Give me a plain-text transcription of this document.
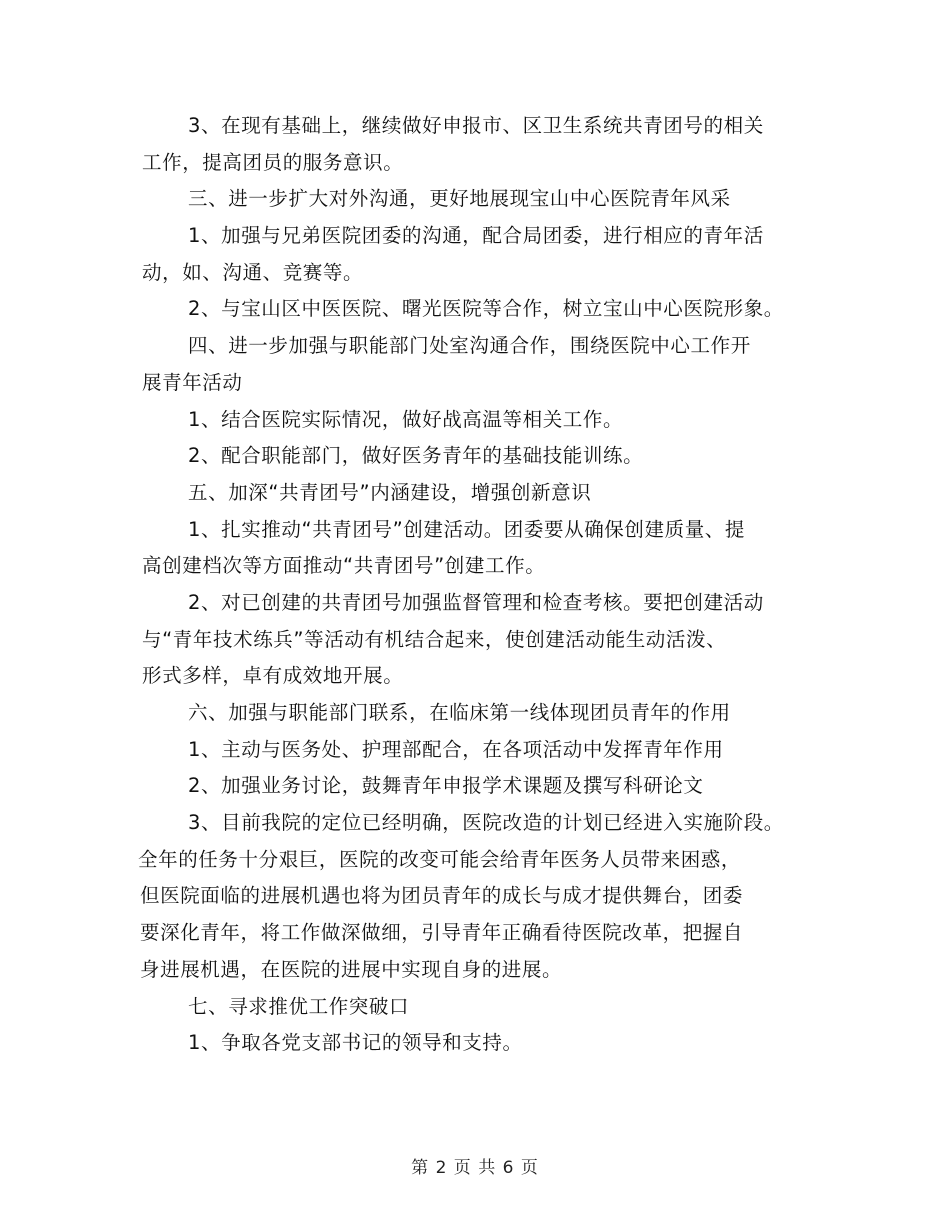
3、在现有基础上，继续做好申报市、区卫生系统共青团号的相关
工作，提高团员的服务意识。
三、进一步扩大对外沟通，更好地展现宝山中心医院青年风采
1、加强与兄弟医院团委的沟通，配合局团委，进行相应的青年活
动，如、沟通、竞赛等。
2、与宝山区中医医院、曙光医院等合作，树立宝山中心医院形象。
四、进一步加强与职能部门处室沟通合作，围绕医院中心工作开
展青年活动
1、结合医院实际情况，做好战高温等相关工作。
2、配合职能部门，做好医务青年的基础技能训练。
五、加深“共青团号”内涵建设，增强创新意识
1、扎实推动“共青团号”创建活动。团委要从确保创建质量、提
高创建档次等方面推动“共青团号”创建工作。
2、对已创建的共青团号加强监督管理和检查考核。要把创建活动
与“青年技术练兵”等活动有机结合起来，使创建活动能生动活泼、
形式多样，卓有成效地开展。
六、加强与职能部门联系，在临床第一线体现团员青年的作用
1、主动与医务处、护理部配合，在各项活动中发挥青年作用
2、加强业务讨论，鼓舞青年申报学术课题及撰写科研论文
3、目前我院的定位已经明确，医院改造的计划已经进入实施阶段。
全年的任务十分艰巨，医院的改变可能会给青年医务人员带来困惑，
但医院面临的进展机遇也将为团员青年的成长与成才提供舞台，团委
要深化青年，将工作做深做细，引导青年正确看待医院改革，把握自
身进展机遇，在医院的进展中实现自身的进展。
七、寻求推优工作突破口
1、争取各党支部书记的领导和支持。
第 2 页 共 6 页
